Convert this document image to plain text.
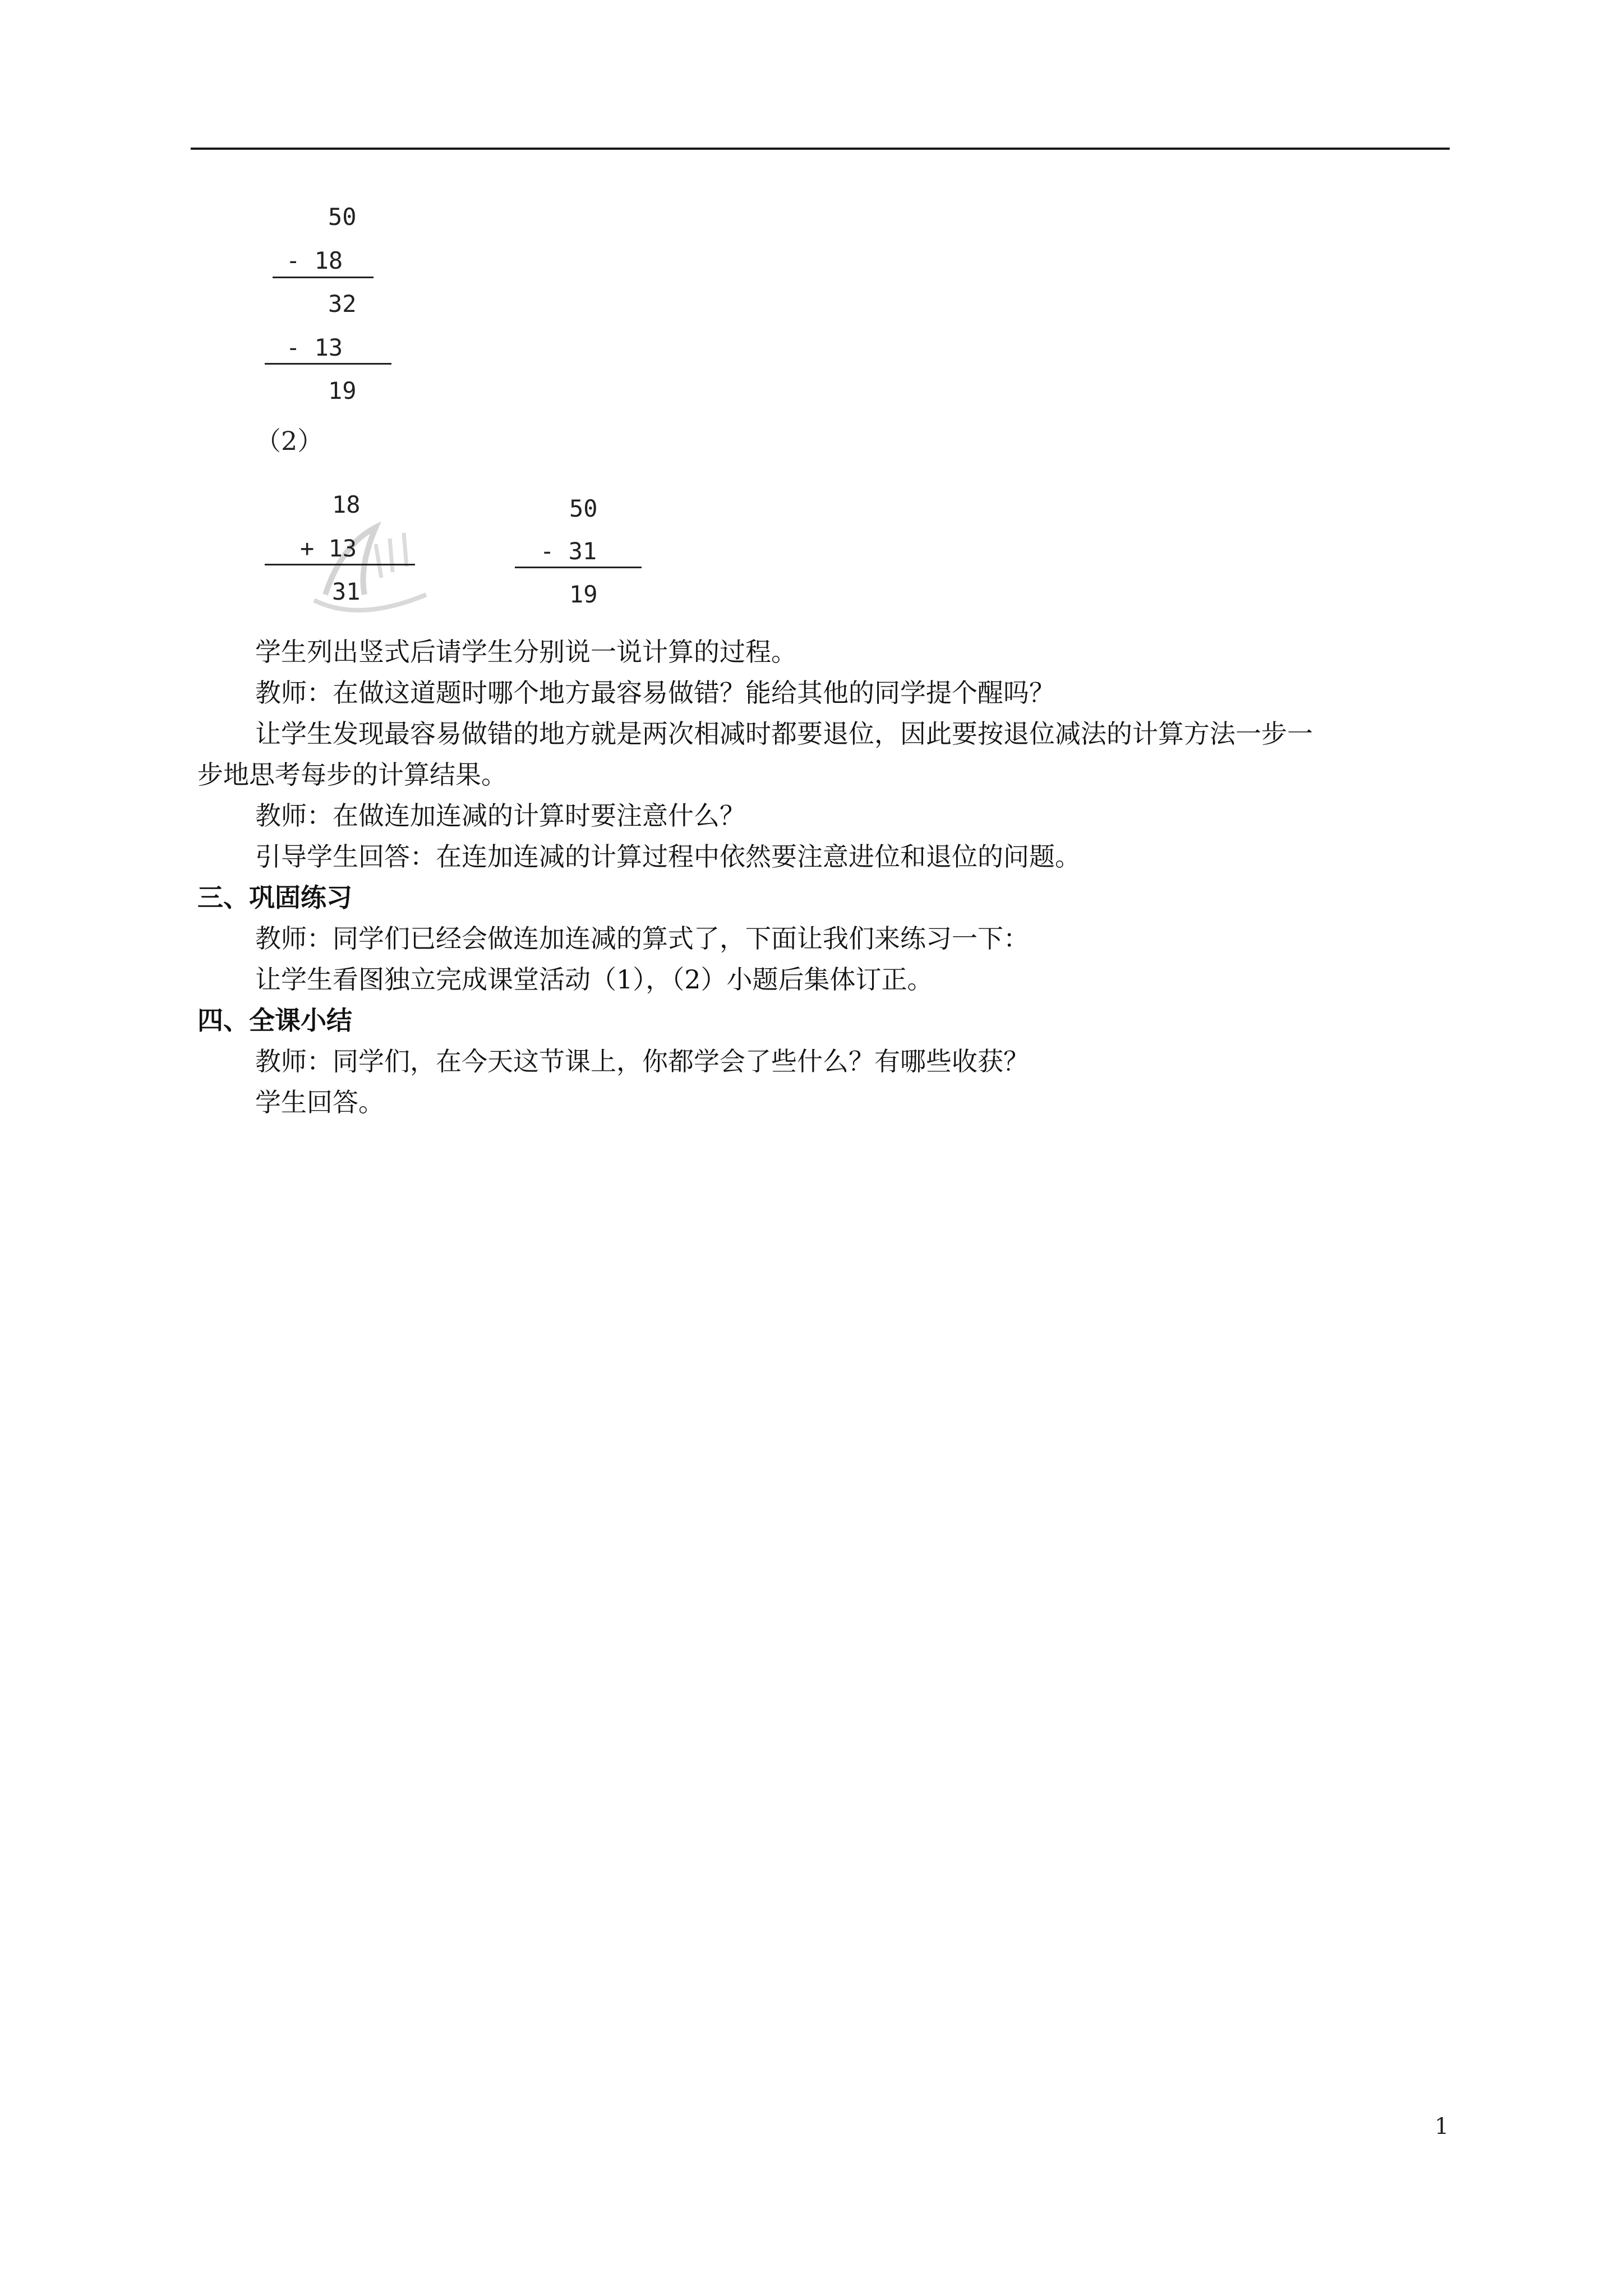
50
- 18
32
- 13
19
（2）
18
+ 13
31
50
- 31
19
学生列出竖式后请学生分别说一说计算的过程。
教师：在做这道题时哪个地方最容易做错？能给其他的同学提个醒吗？
让学生发现最容易做错的地方就是两次相减时都要退位，因此要按退位减法的计算方法一步一
步地思考每步的计算结果。
教师：在做连加连减的计算时要注意什么？
引导学生回答：在连加连减的计算过程中依然要注意进位和退位的问题。
三、巩固练习
教师：同学们已经会做连加连减的算式了，下面让我们来练习一下：
让学生看图独立完成课堂活动（1），（2）小题后集体订正。
四、全课小结
教师：同学们，在今天这节课上，你都学会了些什么？有哪些收获？
学生回答。
1
